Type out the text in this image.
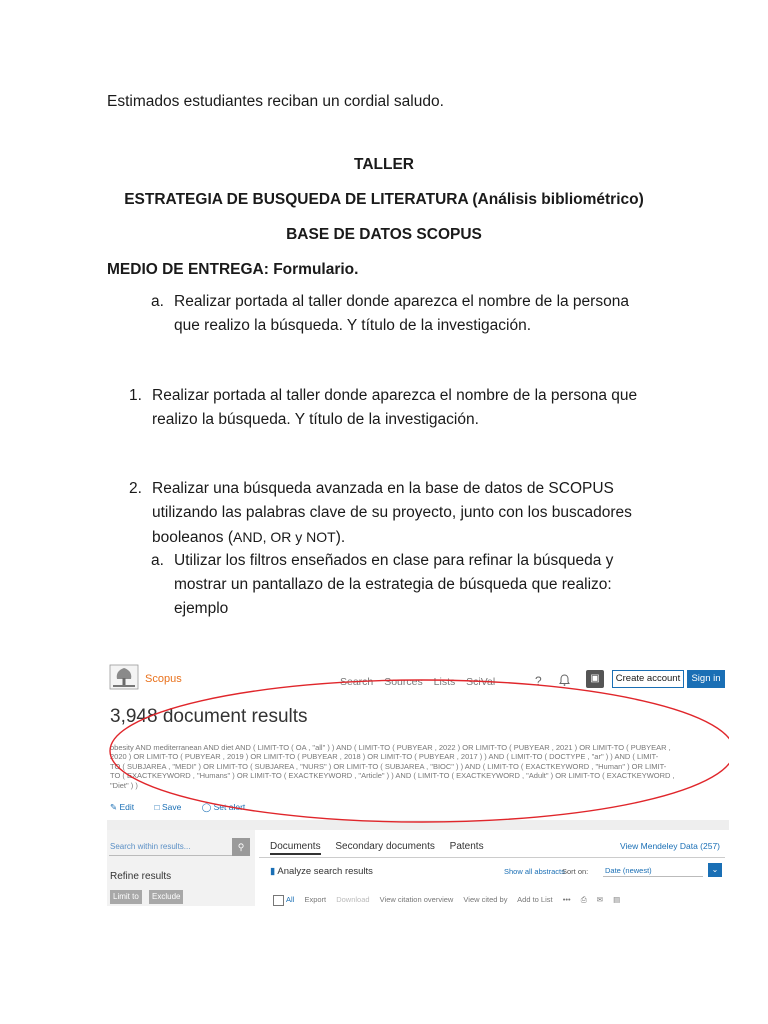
Estimados estudiantes reciban un cordial saludo.
TALLER
ESTRATEGIA DE BUSQUEDA DE LITERATURA (Análisis bibliométrico)
BASE DE DATOS SCOPUS
MEDIO DE ENTREGA: Formulario.
a. Realizar portada al taller donde aparezca el nombre de la persona
que realizo la búsqueda. Y título de la investigación.
1. Realizar portada al taller donde aparezca el nombre de la persona que
realizo la búsqueda. Y título de la investigación.
2. Realizar una búsqueda avanzada en la base de datos de SCOPUS
utilizando las palabras clave de su proyecto, junto con los buscadores
booleanos (AND, OR y NOT).
a. Utilizar los filtros enseñados en clase para refinar la búsqueda y
mostrar un pantallazo de la estrategia de búsqueda que realizo:
ejemplo
Scopus	Search Sources Lists SciVal	?	▣	Create account	Sign in
3,948 document results
obesity AND mediterranean AND diet AND ( LIMIT-TO ( OA , "all" ) ) AND ( LIMIT-TO ( PUBYEAR , 2022 ) OR LIMIT-TO ( PUBYEAR , 2021 ) OR LIMIT-TO ( PUBYEAR ,
2020 ) OR LIMIT-TO ( PUBYEAR , 2019 ) OR LIMIT-TO ( PUBYEAR , 2018 ) OR LIMIT-TO ( PUBYEAR , 2017 ) ) AND ( LIMIT-TO ( DOCTYPE , "ar" ) ) AND ( LIMIT-
TO ( SUBJAREA , "MEDI" ) OR LIMIT-TO ( SUBJAREA , "NURS" ) OR LIMIT-TO ( SUBJAREA , "BIOC" ) ) AND ( LIMIT-TO ( EXACTKEYWORD , "Human" ) OR LIMIT-
TO ( EXACTKEYWORD , "Humans" ) OR LIMIT-TO ( EXACTKEYWORD , "Article" ) ) AND ( LIMIT-TO ( EXACTKEYWORD , "Adult" ) OR LIMIT-TO ( EXACTKEYWORD ,
"Diet" ) )
✎ Edit □ Save ◯ Set alert
Search within results...	⚲
Refine results
Limit to	Exclude
Documents Secondary documents Patents	View Mendeley Data (257)
▮ Analyze search results	Show all abstracts
Sort on: Date (newest)	⌄
All Export Download View citation overview View cited by Add to List ••• ⎙ ✉ ▤
